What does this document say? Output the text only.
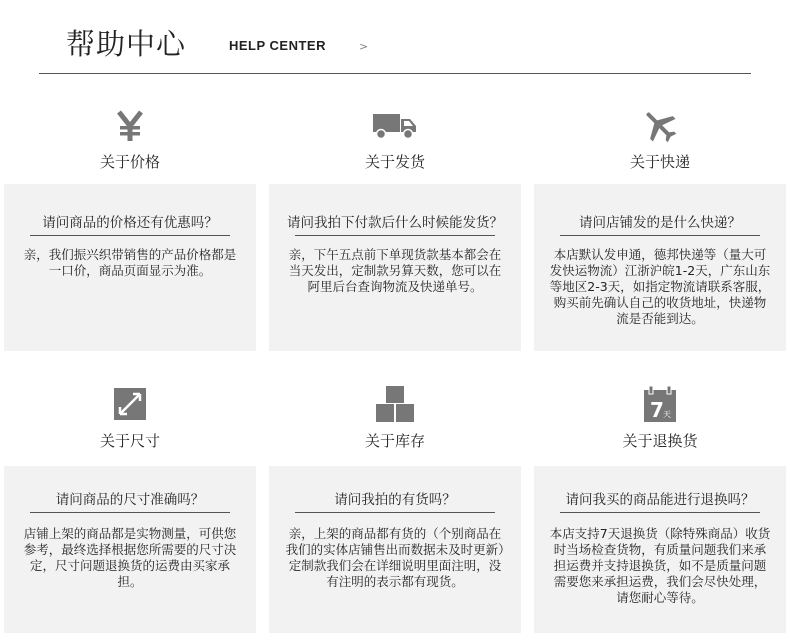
帮助中心	HELP CENTER	>
关于价格
请问商品的价格还有优惠吗？
亲，我们振兴织带销售的产品价格都是一口价，商品页面显示为准。
关于发货
请问我拍下付款后什么时候能发货？
亲，下午五点前下单现货款基本都会在当天发出，定制款另算天数，您可以在阿里后台查询物流及快递单号。
关于快递
请问店铺发的是什么快递？
本店默认发申通，德邦快递等（量大可发快运物流）江浙沪皖1-2天，广东山东等地区2-3天，如指定物流请联系客服，购买前先确认自己的收货地址，快递物流是否能到达。
关于尺寸
请问商品的尺寸准确吗？
店铺上架的商品都是实物测量，可供您参考，最终选择根据您所需要的尺寸决定，尺寸问题退换货的运费由买家承担。
关于库存
请问我拍的有货吗？
亲，上架的商品都有货的（个别商品在我们的实体店铺售出而数据未及时更新）定制款我们会在详细说明里面注明，没有注明的表示都有现货。
7 天
关于退换货
请问我买的商品能进行退换吗？
本店支持7天退换货（除特殊商品）收货时当场检查货物，有质量问题我们来承担运费并支持退换货，如不是质量问题需要您来承担运费，我们会尽快处理，请您耐心等待。
